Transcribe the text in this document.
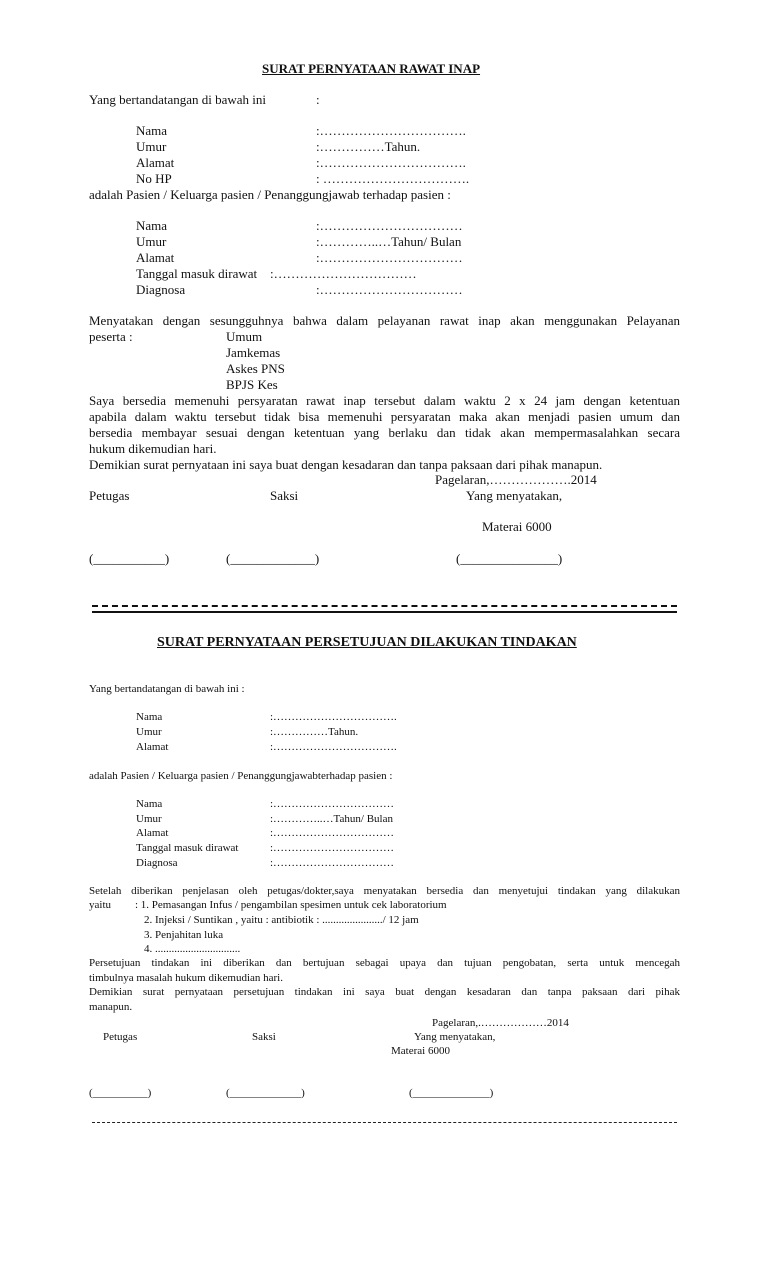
SURAT PERNYATAAN RAWAT INAP
Yang bertandatangan di bawah ini	:
Nama	:…………………………….
Umur	:……………Tahun.
Alamat	:…………………………….
No HP	: …………………………….
adalah Pasien / Keluarga pasien / Penanggungjawab terhadap pasien :
Nama	:……………………………
Umur	:…………..…Tahun/ Bulan
Alamat	:……………………………
Tanggal masuk dirawat :……………………………
Diagnosa	:……………………………
Menyatakan dengan sesungguhnya bahwa dalam pelayanan rawat inap akan menggunakan Pelayanan
peserta :	Umum
Jamkemas
Askes PNS
BPJS Kes
Saya bersedia memenuhi persyaratan rawat inap tersebut dalam waktu 2 x 24 jam dengan ketentuan
apabila dalam waktu tersebut tidak bisa memenuhi persyaratan maka akan menjadi pasien umum dan
bersedia membayar sesuai dengan ketentuan yang berlaku dan tidak akan mempermasalahkan secara
hukum dikemudian hari.
Demikian surat pernyataan ini saya buat dengan kesadaran dan tanpa paksaan dari pihak manapun.
Pagelaran,……………….2014
Petugas	Saksi	Yang menyatakan,
Materai 6000
(___________)	(_____________)	(_______________)
SURAT PERNYATAAN PERSETUJUAN DILAKUKAN TINDAKAN
Yang bertandatangan di bawah ini :
Nama	:…………………………….
Umur	:……………Tahun.
Alamat	:…………………………….
adalah Pasien / Keluarga pasien / Penanggungjawabterhadap pasien :
Nama	:……………………………
Umur	:…………..…Tahun/ Bulan
Alamat	:……………………………
Tanggal masuk dirawat	:……………………………
Diagnosa	:……………………………
Setelah diberikan penjelasan oleh petugas/dokter,saya menyatakan bersedia dan menyetujui tindakan yang dilakukan
yaitu : 1. Pemasangan Infus / pengambilan spesimen untuk cek laboratorium
2. Injeksi / Suntikan , yaitu : antibiotik : ....................../ 12 jam
3. Penjahitan luka
4. ...............................
Persetujuan tindakan ini diberikan dan bertujuan sebagai upaya dan tujuan pengobatan, serta untuk mencegah
timbulnya masalah hukum dikemudian hari.
Demikian surat pernyataan persetujuan tindakan ini saya buat dengan kesadaran dan tanpa paksaan dari pihak
manapun.
Pagelaran,.………………2014
Petugas	Saksi	Yang menyatakan,
Materai 6000
(__________)	(_____________)	(______________)
